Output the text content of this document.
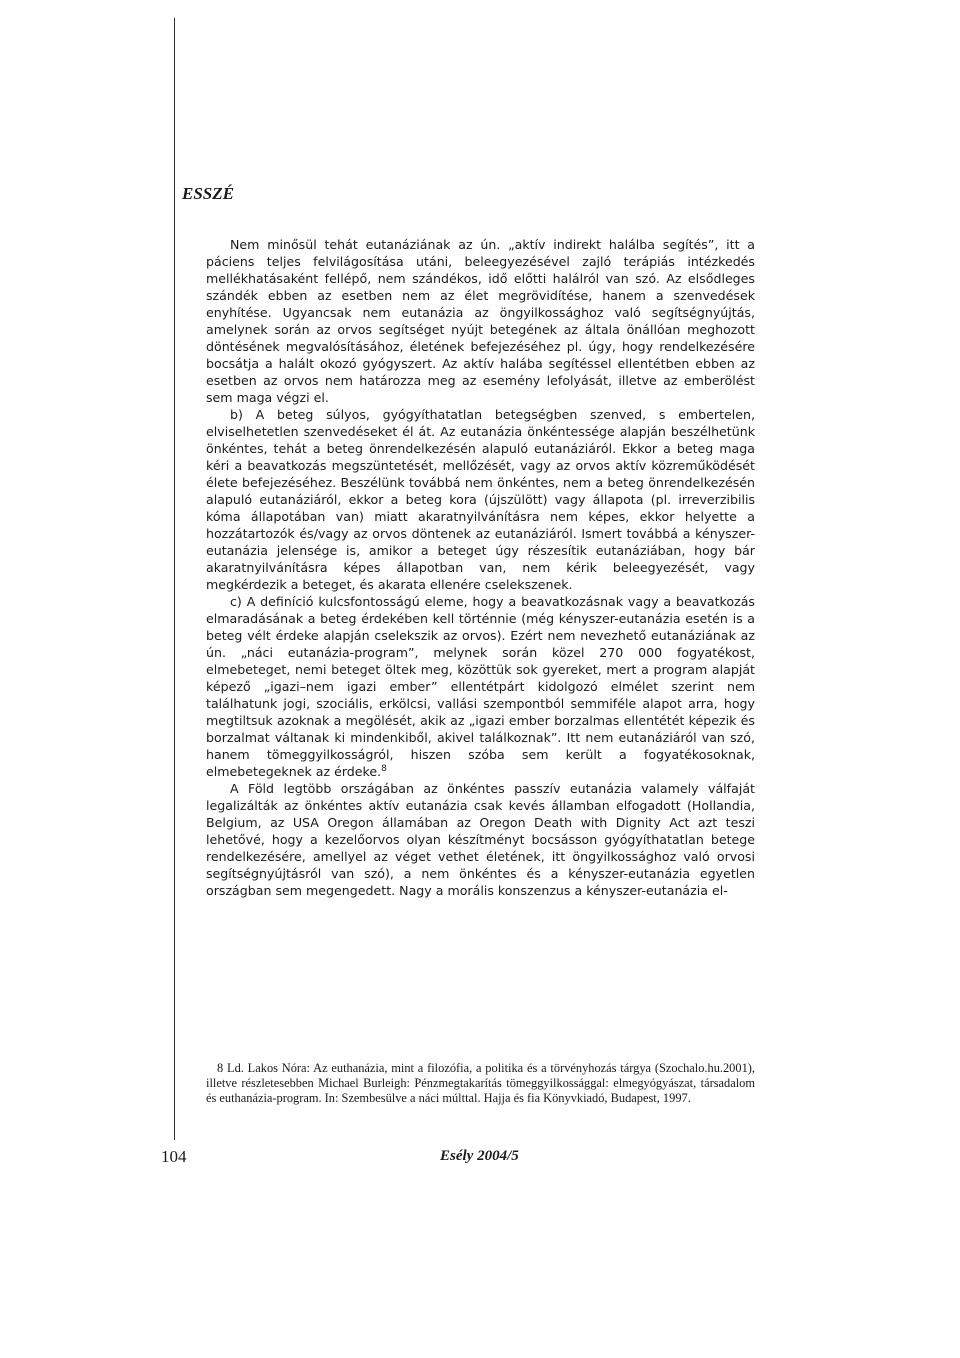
ESSZÉ

Nem minősül tehát eutanáziának az ún. „aktív indirekt halálba segítés”, itt a páciens teljes felvilágosítása utáni, beleegyezésével zajló terápiás intézkedés mellékhatásaként fellépő, nem szándékos, idő előtti halálról van szó. Az elsődleges szándék ebben az esetben nem az élet megrövidítése, hanem a szenvedések enyhítése. Ugyancsak nem eutanázia az öngyilkossághoz való segítségnyújtás, amelynek során az orvos segítséget nyújt betegének az általa önállóan meghozott döntésének megvalósításához, életének befejezéséhez pl. úgy, hogy rendelkezésére bocsátja a halált okozó gyógyszert. Az aktív halába segítéssel ellentétben ebben az esetben az orvos nem határozza meg az esemény lefolyását, illetve az emberölést sem maga végzi el.

b) A beteg súlyos, gyógyíthatatlan betegségben szenved, s embertelen, elviselhetetlen szenvedéseket él át. Az eutanázia önkéntessége alapján beszélhetünk önkéntes, tehát a beteg önrendelkezésén alapuló eutanáziáról. Ekkor a beteg maga kéri a beavatkozás megszüntetését, mellőzését, vagy az orvos aktív közreműködését élete befejezéséhez. Beszélünk továbbá nem önkéntes, nem a beteg önrendelkezésén alapuló eutanáziáról, ekkor a beteg kora (újszülött) vagy állapota (pl. irreverzibilis kóma állapotában van) miatt akaratnyilvánításra nem képes, ekkor helyette a hozzátartozók és/vagy az orvos döntenek az eutanáziáról. Ismert továbbá a kényszer-eutanázia jelensége is, amikor a beteget úgy részesítik eutanáziában, hogy bár akaratnyilvánításra képes állapotban van, nem kérik beleegyezését, vagy megkérdezik a beteget, és akarata ellenére cselekszenek.

c) A definíció kulcsfontosságú eleme, hogy a beavatkozásnak vagy a beavatkozás elmaradásának a beteg érdekében kell történnie (még kényszer-eutanázia esetén is a beteg vélt érdeke alapján cselekszik az orvos). Ezért nem nevezhető eutanáziának az ún. „náci eutanázia-program”, melynek során közel 270 000 fogyatékost, elmebeteget, nemi beteget öltek meg, közöttük sok gyereket, mert a program alapját képező „igazi–nem igazi ember” ellentétpárt kidolgozó elmélet szerint nem találhatunk jogi, szociális, erkölcsi, vallási szempontból semmiféle alapot arra, hogy megtiltsuk azoknak a megölését, akik az „igazi ember borzalmas ellentétét képezik és borzalmat váltanak ki mindenkiből, akivel találkoznak”. Itt nem eutanáziáról van szó, hanem tömeggyilkosságról, hiszen szóba sem került a fogyatékosoknak, elmebetegeknek az érdeke.$^8$

A Föld legtöbb országában az önkéntes passzív eutanázia valamely válfaját legalizálták az önkéntes aktív eutanázia csak kevés államban elfogadott (Hollandia, Belgium, az USA Oregon államában az Oregon Death with Dignity Act azt teszi lehetővé, hogy a kezelőorvos olyan készítményt bocsásson gyógyíthatatlan betege rendelkezésére, amellyel az véget vethet életének, itt öngyilkossághoz való orvosi segítségnyújtásról van szó), a nem önkéntes és a kényszer-eutanázia egyetlen országban sem megengedett. Nagy a morális konszenzus a kényszer-eutanázia el-

8 Ld. Lakos Nóra: Az euthanázia, mint a filozófia, a politika és a törvényhozás tárgya (Szochalo.hu.2001), illetve részletesebben Michael Burleigh: Pénzmegtakarítás tömeggyilkossággal: elmegyógyászat, társadalom és euthanázia-program. In: Szembesülve a náci múlttal. Hajja és fia Könyvkiadó, Budapest, 1997.

104	Esély 2004/5
